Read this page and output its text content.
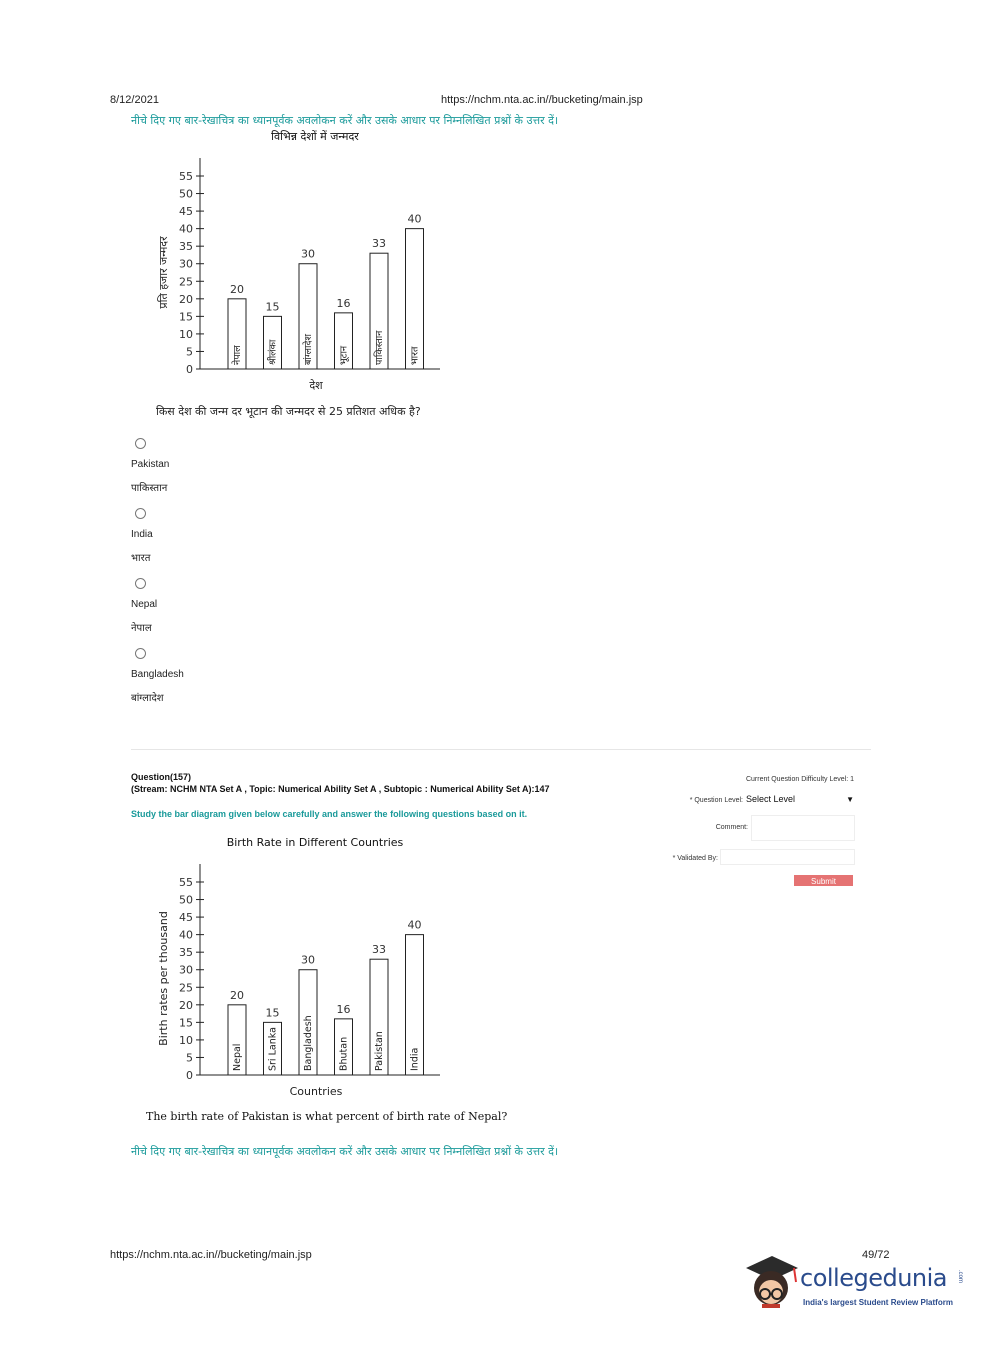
8/12/2021	https://nchm.nta.ac.in//bucketing/main.jsp
नीचे दिए गए बार-रेखाचित्र का ध्यानपूर्वक अवलोकन करें और उसके आधार पर निम्नलिखित प्रश्नों के उत्तर दें।
विभिन्न देशों में जन्मदर
0
5
10
15
20
25
30
35
40
45
50
55
प्रति हजार जन्मदर	20
नेपाल
15
श्रीलंका
30
बांग्लादेश
16
भूटान
33
पाकिस्तान
40
भारत
देश
किस देश की जन्म दर भूटान की जन्मदर से 25 प्रतिशत अधिक है?
Pakistan
पाकिस्तान
India
भारत
Nepal
नेपाल
Bangladesh
बांग्लादेश
Question(157)
(Stream: NCHM NTA Set A , Topic: Numerical Ability Set A , Subtopic : Numerical Ability Set A):147
Study the bar diagram given below carefully and answer the following questions based on it.
Birth Rate in Different Countries
0
5
10
15
20
25
30
35
40
45
50
55
Birth rates per thousand	20
Nepal
15
Sri Lanka
30
Bangladesh
16
Bhutan
33
Pakistan
40
India
Countries
The birth rate of Pakistan is what percent of birth rate of Nepal?
नीचे दिए गए बार-रेखाचित्र का ध्यानपूर्वक अवलोकन करें और उसके आधार पर निम्नलिखित प्रश्नों के उत्तर दें।
Current Question Difficulty Level: 1
* Question Level: Select Level	▼
Comment:
* Validated By:
Submit
https://nchm.nta.ac.in//bucketing/main.jsp	49/72
collegedunia .com
India's largest Student Review Platform
